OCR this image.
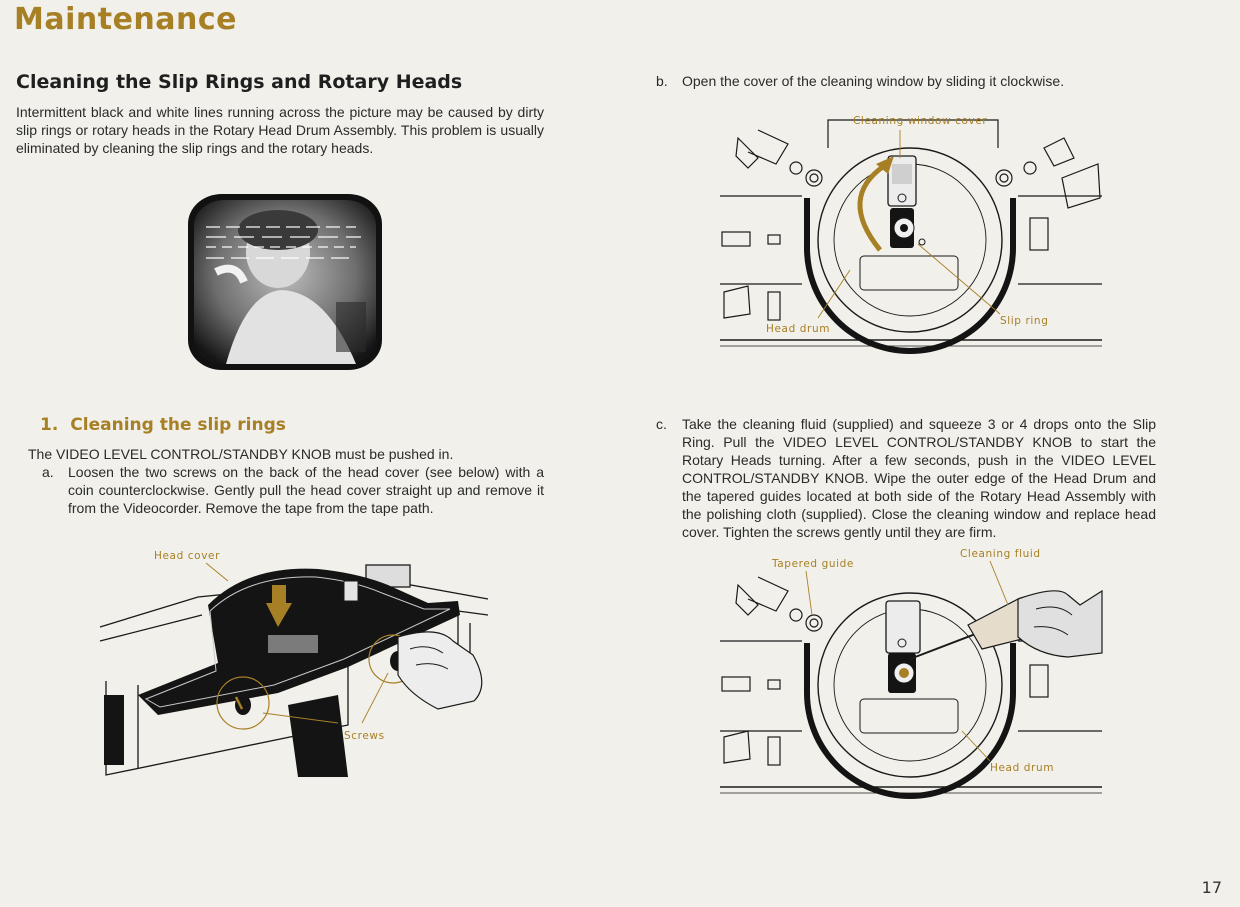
Maintenance
Cleaning the Slip Rings and Rotary Heads

Intermittent black and white lines running across the picture may be caused by dirty slip rings or rotary heads in the Rotary Head Drum Assembly. This problem is usually eliminated by cleaning the slip rings and the rotary heads.

1. Cleaning the slip rings

The VIDEO LEVEL CONTROL/STANDBY KNOB must be pushed in.

a.	Loosen the two screws on the back of the head cover (see below) with a coin counterclockwise. Gently pull the head cover straight up and remove it from the Videocorder. Remove the tape from the tape path.
Head cover
Screws
b.	Open the cover of the cleaning window by sliding it clockwise.
Cleaning window cover
Head drum
Slip ring
c.	Take the cleaning fluid (supplied) and squeeze 3 or 4 drops onto the Slip Ring. Pull the VIDEO LEVEL CONTROL/STANDBY KNOB to start the Rotary Heads turning. After a few seconds, push in the VIDEO LEVEL CONTROL/STANDBY KNOB. Wipe the outer edge of the Head Drum and the tapered guides located at both side of the Rotary Head Assembly with the polishing cloth (supplied). Close the cleaning window and replace head cover. Tighten the screws gently until they are firm.
Tapered guide
Cleaning fluid
Head drum
17
